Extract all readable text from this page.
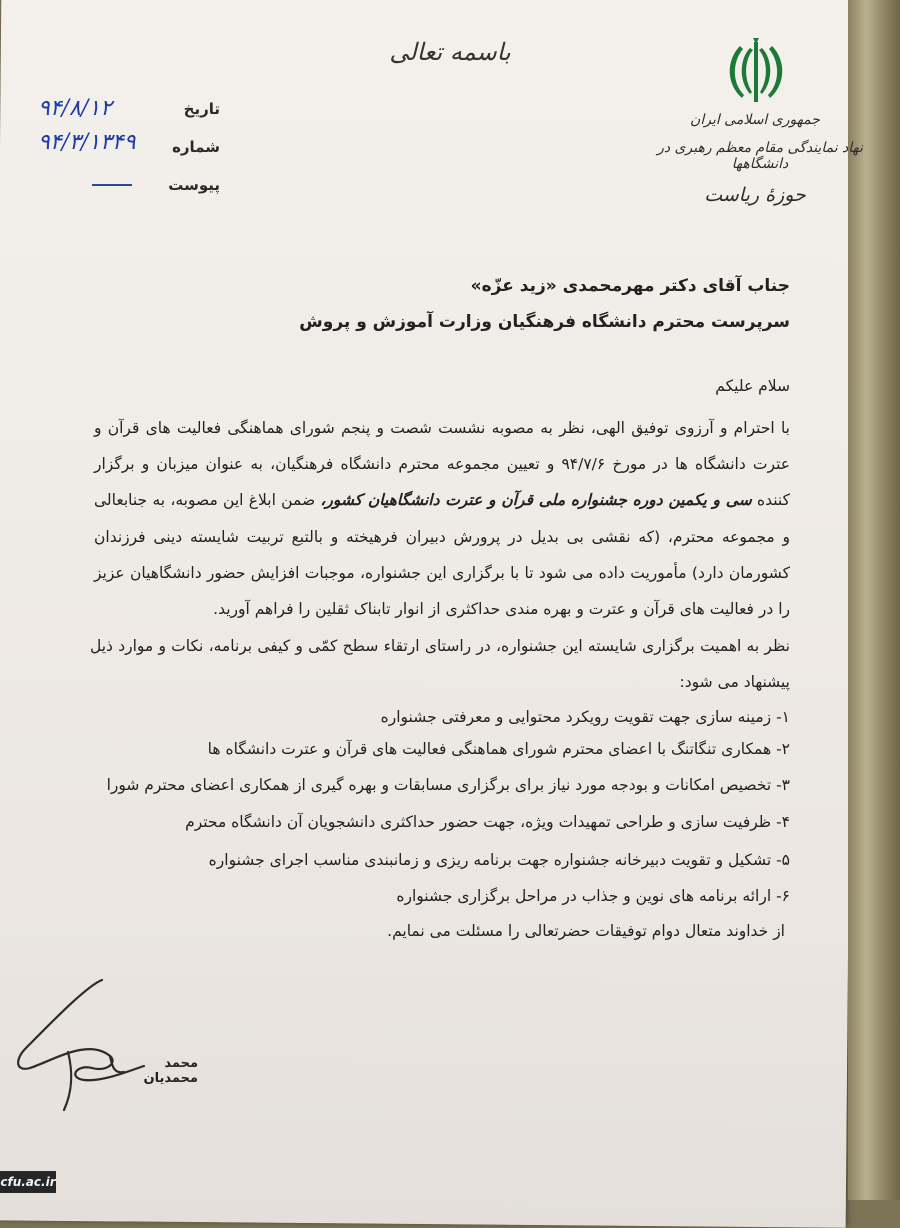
باسمه تعالی
جمهوری اسلامی ایران
نهاد نمایندگی مقام معظم رهبری در دانشگاهها
حوزهٔ ریاست
تاریخ
شماره
پیوست
۹۴/۸/۱۲
۹۴/۳/۱۳۴۹
جناب آقای دکتر مهرمحمدی «زید عزّه»
سرپرست محترم دانشگاه فرهنگیان وزارت آموزش و پروش
سلام علیکم
با احترام و آرزوی توفیق الهی، نظر به مصوبه نشست شصت و پنجم شورای هماهنگی فعالیت های قرآن و عترت دانشگاه ها در مورخ ۹۴/۷/۶ و تعیین مجموعه محترم دانشگاه فرهنگیان، به عنوان میزبان و برگزار کننده سی و یکمین دوره جشنواره ملی قرآن و عترت دانشگاهیان کشور، ضمن ابلاغ این مصوبه، به جنابعالی و مجموعه محترم، (که نقشی بی بدیل در پرورش دبیران فرهیخته و بالتبع تربیت شایسته دینی فرزندان کشورمان دارد) مأموریت داده می شود تا با برگزاری این جشنواره، موجبات افزایش حضور دانشگاهیان عزیز را در فعالیت های قرآن و عترت و بهره مندی حداکثری از انوار تابناک ثقلین را فراهم آورید.
نظر به اهمیت برگزاری شایسته این جشنواره، در راستای ارتقاء سطح کمّی و کیفی برنامه، نکات و موارد ذیل پیشنهاد می شود:
۱- زمینه سازی جهت تقویت رویکرد محتوایی و معرفتی جشنواره
۲- همکاری تنگاتنگ با اعضای محترم شورای هماهنگی فعالیت های قرآن و عترت دانشگاه ها
۳- تخصیص امکانات و بودجه مورد نیاز برای برگزاری مسابقات و بهره گیری از همکاری اعضای محترم شورا
۴- ظرفیت سازی و طراحی تمهیدات ویژه، جهت حضور حداکثری دانشجویان آن دانشگاه محترم
۵- تشکیل و تقویت دبیرخانه جشنواره جهت برنامه ریزی و زمانبندی مناسب اجرای جشنواره
۶- ارائه برنامه های نوین و جذاب در مراحل برگزاری جشنواره
از خداوند متعال دوام توفیقات حضرتعالی را مسئلت می نمایم.
محمد محمدیان
cfu.ac.ir
